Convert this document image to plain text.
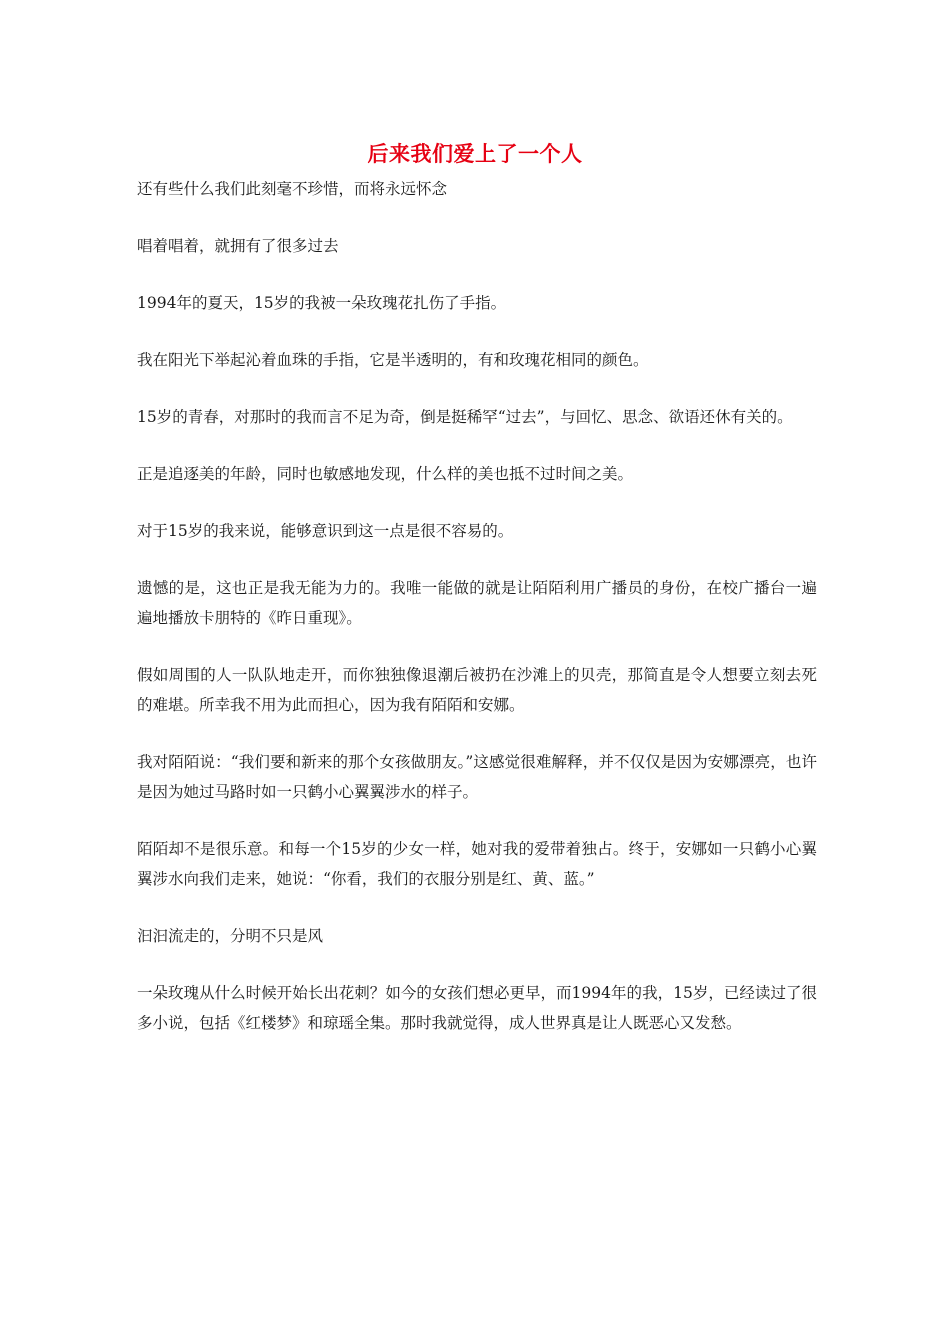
后来我们爱上了一个人

还有些什么我们此刻毫不珍惜，而将永远怀念

唱着唱着，就拥有了很多过去

1994年的夏天，15岁的我被一朵玫瑰花扎伤了手指。

我在阳光下举起沁着血珠的手指，它是半透明的，有和玫瑰花相同的颜色。

15岁的青春，对那时的我而言不足为奇，倒是挺稀罕“过去”，与回忆、思念、欲语还休有关的。

正是追逐美的年龄，同时也敏感地发现，什么样的美也抵不过时间之美。

对于15岁的我来说，能够意识到这一点是很不容易的。

遗憾的是，这也正是我无能为力的。我唯一能做的就是让陌陌利用广播员的身份，在校广播台一遍遍地播放卡朋特的《昨日重现》。

假如周围的人一队队地走开，而你独独像退潮后被扔在沙滩上的贝壳，那简直是令人想要立刻去死的难堪。所幸我不用为此而担心，因为我有陌陌和安娜。

我对陌陌说：“我们要和新来的那个女孩做朋友。”这感觉很难解释，并不仅仅是因为安娜漂亮，也许是因为她过马路时如一只鹤小心翼翼涉水的样子。

陌陌却不是很乐意。和每一个15岁的少女一样，她对我的爱带着独占。终于，安娜如一只鹤小心翼翼涉水向我们走来，她说：“你看，我们的衣服分别是红、黄、蓝。”

汩汩流走的，分明不只是风

一朵玫瑰从什么时候开始长出花刺？如今的女孩们想必更早，而1994年的我，15岁，已经读过了很多小说，包括《红楼梦》和琼瑶全集。那时我就觉得，成人世界真是让人既恶心又发愁。
